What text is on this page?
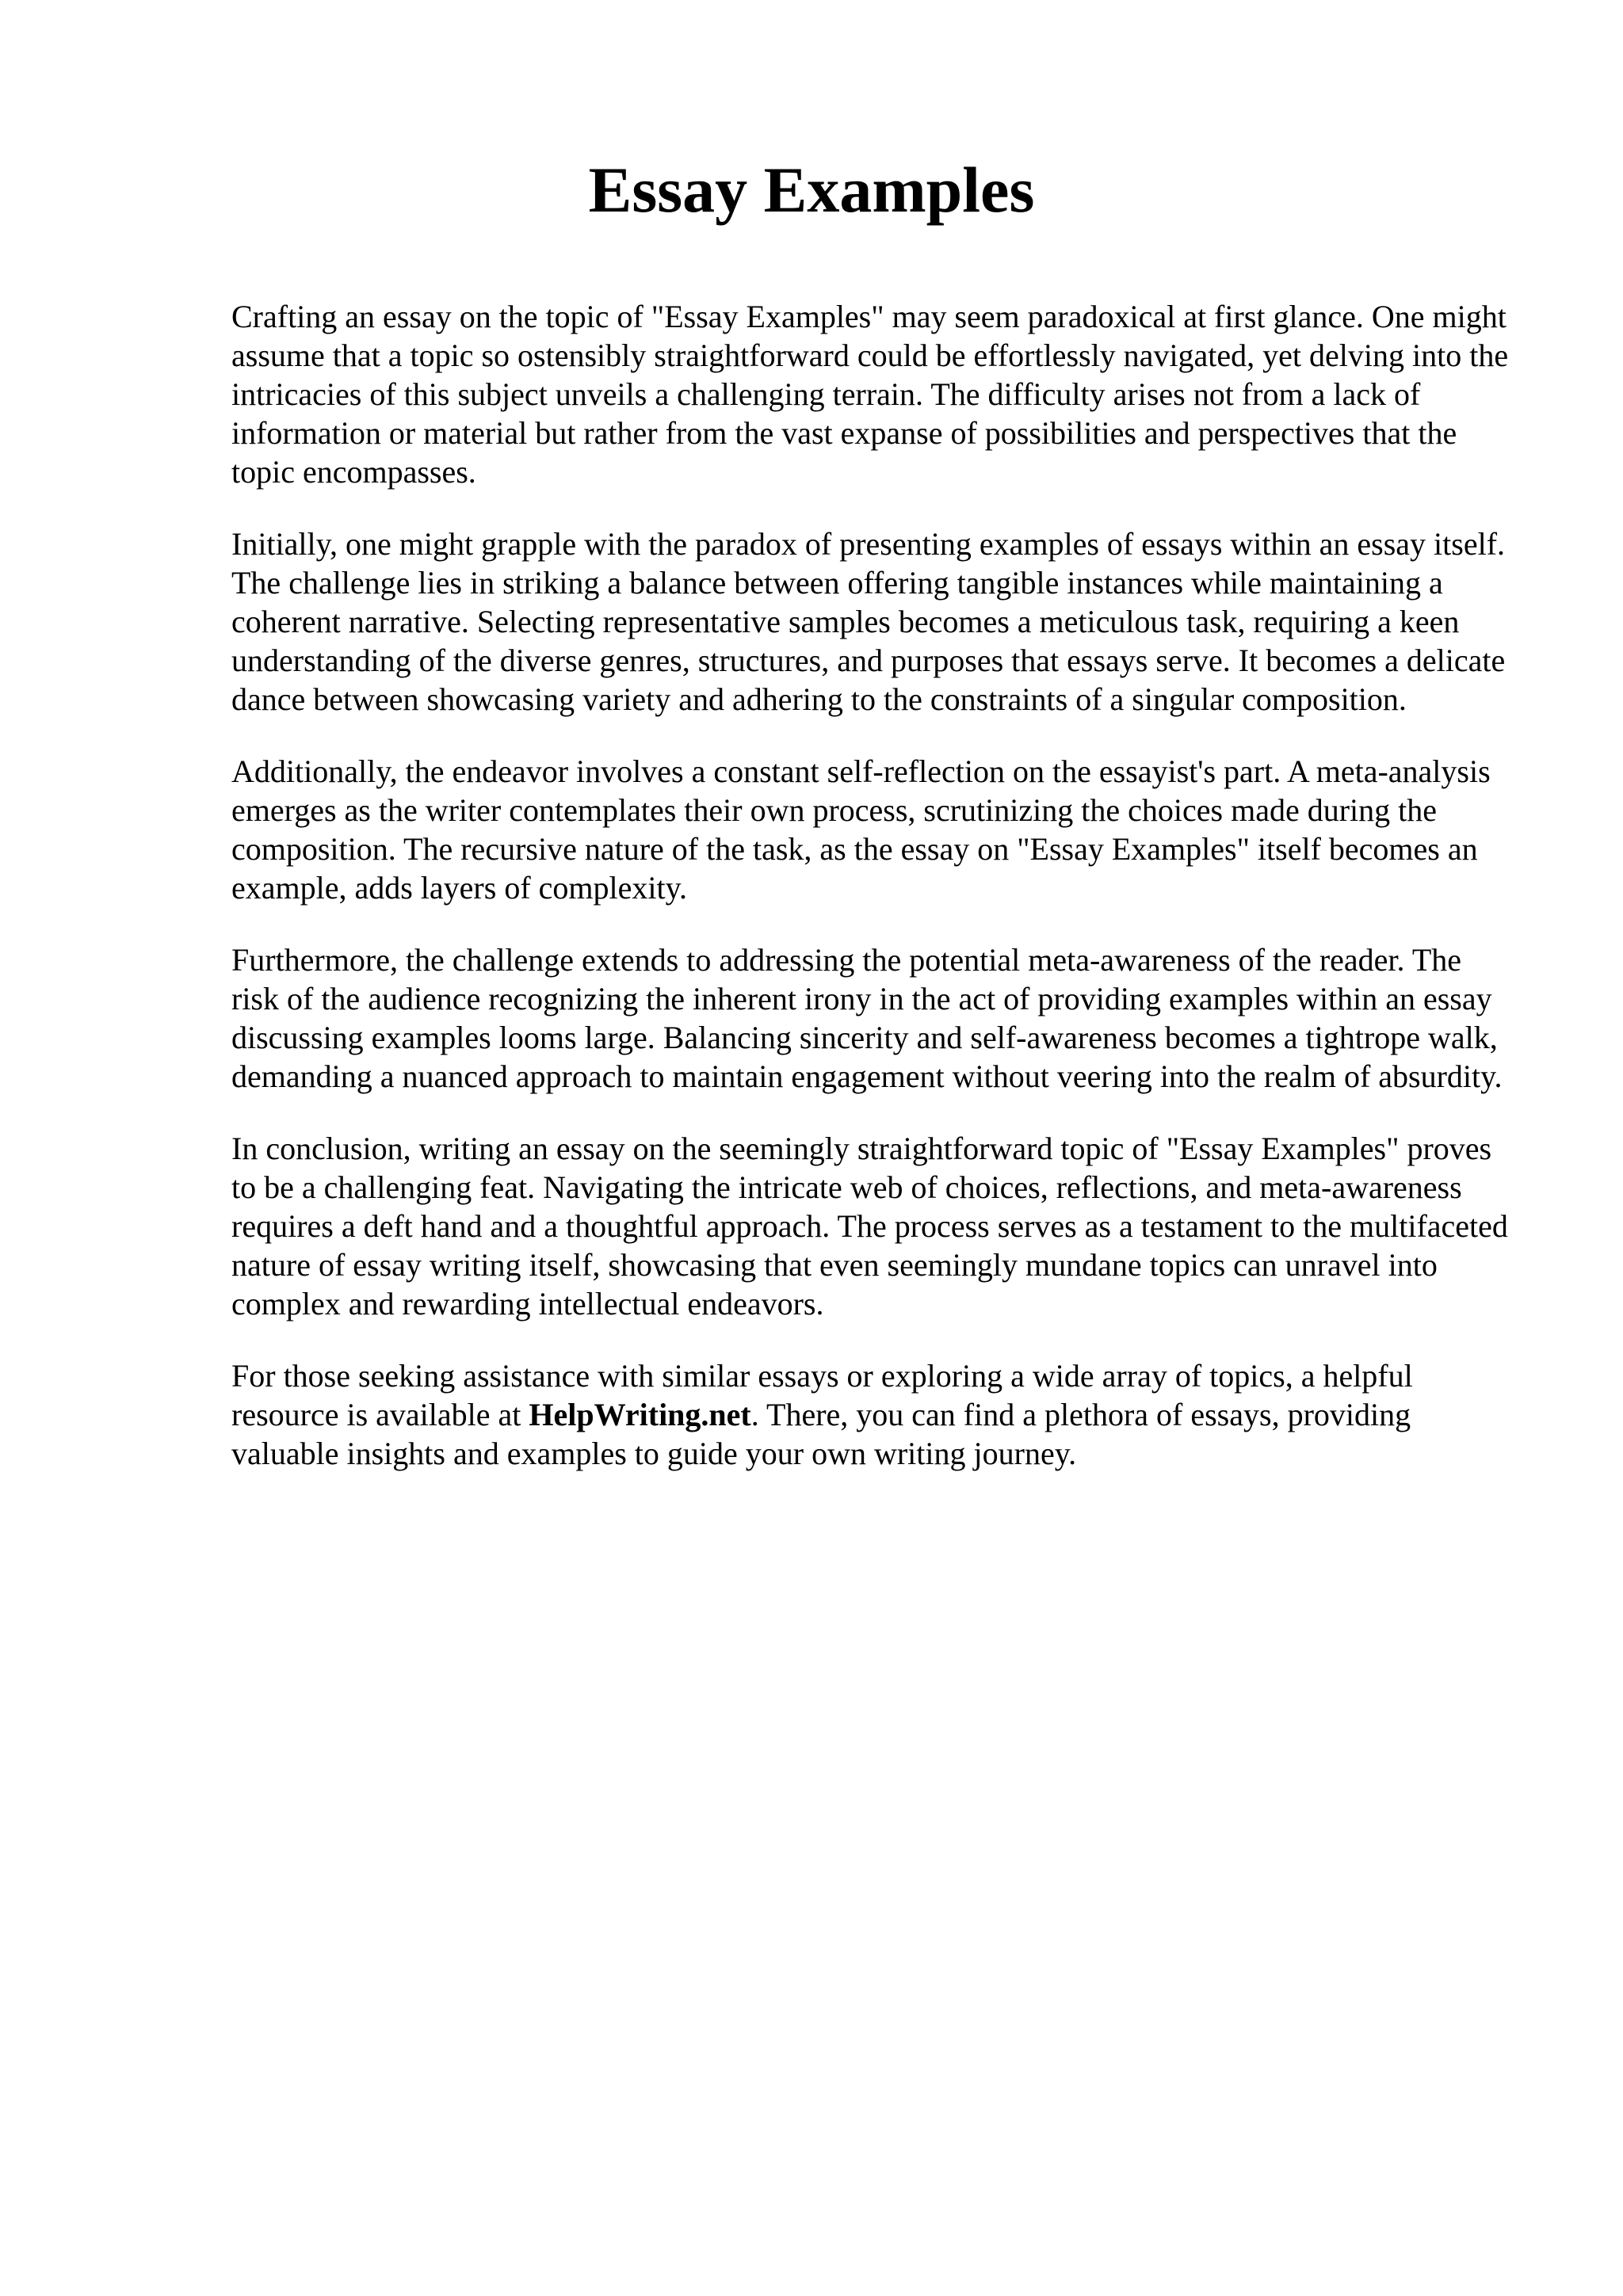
Essay Examples

Crafting an essay on the topic of "Essay Examples" may seem paradoxical at first glance. One might assume that a topic so ostensibly straightforward could be effortlessly navigated, yet delving into the intricacies of this subject unveils a challenging terrain. The difficulty arises not from a lack of information or material but rather from the vast expanse of possibilities and perspectives that the topic encompasses.

Initially, one might grapple with the paradox of presenting examples of essays within an essay itself. The challenge lies in striking a balance between offering tangible instances while maintaining a coherent narrative. Selecting representative samples becomes a meticulous task, requiring a keen understanding of the diverse genres, structures, and purposes that essays serve. It becomes a delicate dance between showcasing variety and adhering to the constraints of a singular composition.

Additionally, the endeavor involves a constant self-reflection on the essayist's part. A meta-analysis emerges as the writer contemplates their own process, scrutinizing the choices made during the composition. The recursive nature of the task, as the essay on "Essay Examples" itself becomes an example, adds layers of complexity.

Furthermore, the challenge extends to addressing the potential meta-awareness of the reader. The risk of the audience recognizing the inherent irony in the act of providing examples within an essay discussing examples looms large. Balancing sincerity and self-awareness becomes a tightrope walk, demanding a nuanced approach to maintain engagement without veering into the realm of absurdity.

In conclusion, writing an essay on the seemingly straightforward topic of "Essay Examples" proves to be a challenging feat. Navigating the intricate web of choices, reflections, and meta-awareness requires a deft hand and a thoughtful approach. The process serves as a testament to the multifaceted nature of essay writing itself, showcasing that even seemingly mundane topics can unravel into complex and rewarding intellectual endeavors.

For those seeking assistance with similar essays or exploring a wide array of topics, a helpful resource is available at HelpWriting.net. There, you can find a plethora of essays, providing valuable insights and examples to guide your own writing journey.
